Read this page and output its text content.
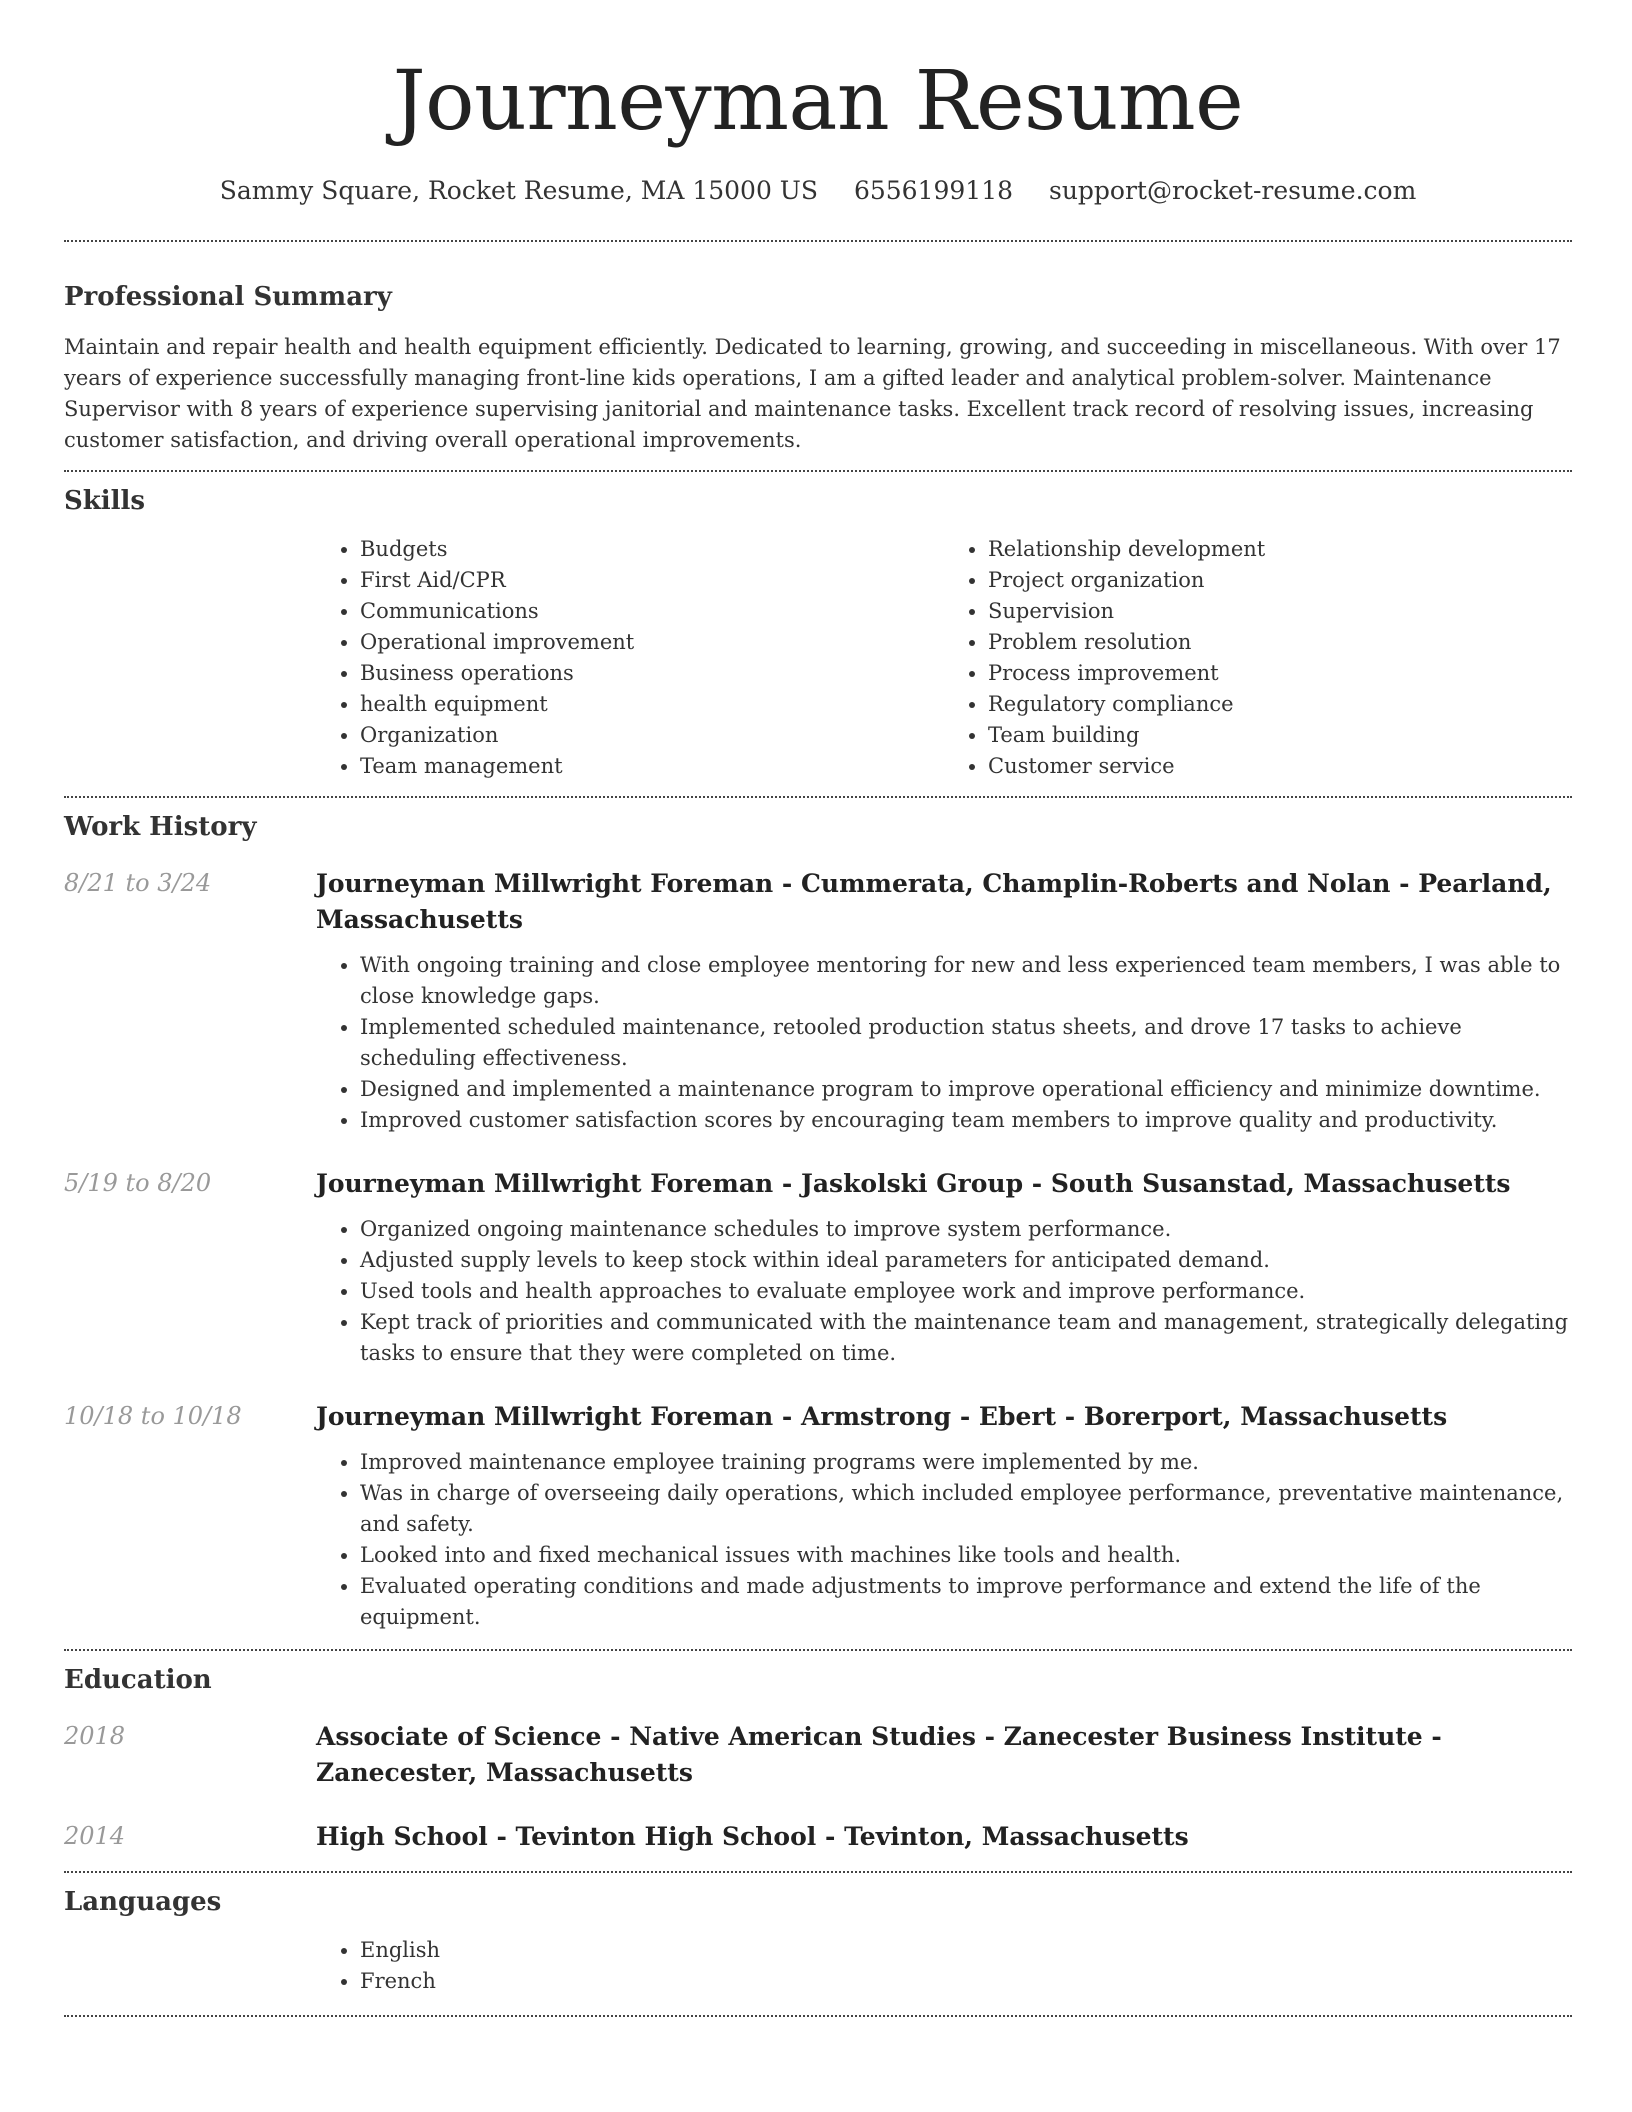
Journeyman Resume
Sammy Square, Rocket Resume, MA 15000 US 6556199118 support@rocket-resume.com
Professional Summary

Maintain and repair health and health equipment efficiently. Dedicated to learning, growing, and succeeding in miscellaneous. With over 17 years of experience successfully managing front-line kids operations, I am a gifted leader and analytical problem-solver. Maintenance Supervisor with 8 years of experience supervising janitorial and maintenance tasks. Excellent track record of resolving issues, increasing customer satisfaction, and driving overall operational improvements.

Skills
• Budgets
• First Aid/CPR
• Communications
• Operational improvement
• Business operations
• health equipment
• Organization
• Team management
• Relationship development
• Project organization
• Supervision
• Problem resolution
• Process improvement
• Regulatory compliance
• Team building
• Customer service
Work History
8/21 to 3/24	Journeyman Millwright Foreman - Cummerata, Champlin-Roberts and Nolan - Pearland, Massachusetts
• With ongoing training and close employee mentoring for new and less experienced team members, I was able to close knowledge gaps.
• Implemented scheduled maintenance, retooled production status sheets, and drove 17 tasks to achieve scheduling effectiveness.
• Designed and implemented a maintenance program to improve operational efficiency and minimize downtime.
• Improved customer satisfaction scores by encouraging team members to improve quality and productivity.
5/19 to 8/20	Journeyman Millwright Foreman - Jaskolski Group - South Susanstad, Massachusetts
• Organized ongoing maintenance schedules to improve system performance.
• Adjusted supply levels to keep stock within ideal parameters for anticipated demand.
• Used tools and health approaches to evaluate employee work and improve performance.
• Kept track of priorities and communicated with the maintenance team and management, strategically delegating tasks to ensure that they were completed on time.
10/18 to 10/18	Journeyman Millwright Foreman - Armstrong - Ebert - Borerport, Massachusetts
• Improved maintenance employee training programs were implemented by me.
• Was in charge of overseeing daily operations, which included employee performance, preventative maintenance, and safety.
• Looked into and fixed mechanical issues with machines like tools and health.
• Evaluated operating conditions and made adjustments to improve performance and extend the life of the equipment.
Education
2018	Associate of Science - Native American Studies - Zanecester Business Institute - Zanecester, Massachusetts
2014	High School - Tevinton High School - Tevinton, Massachusetts
Languages
• English
• French
